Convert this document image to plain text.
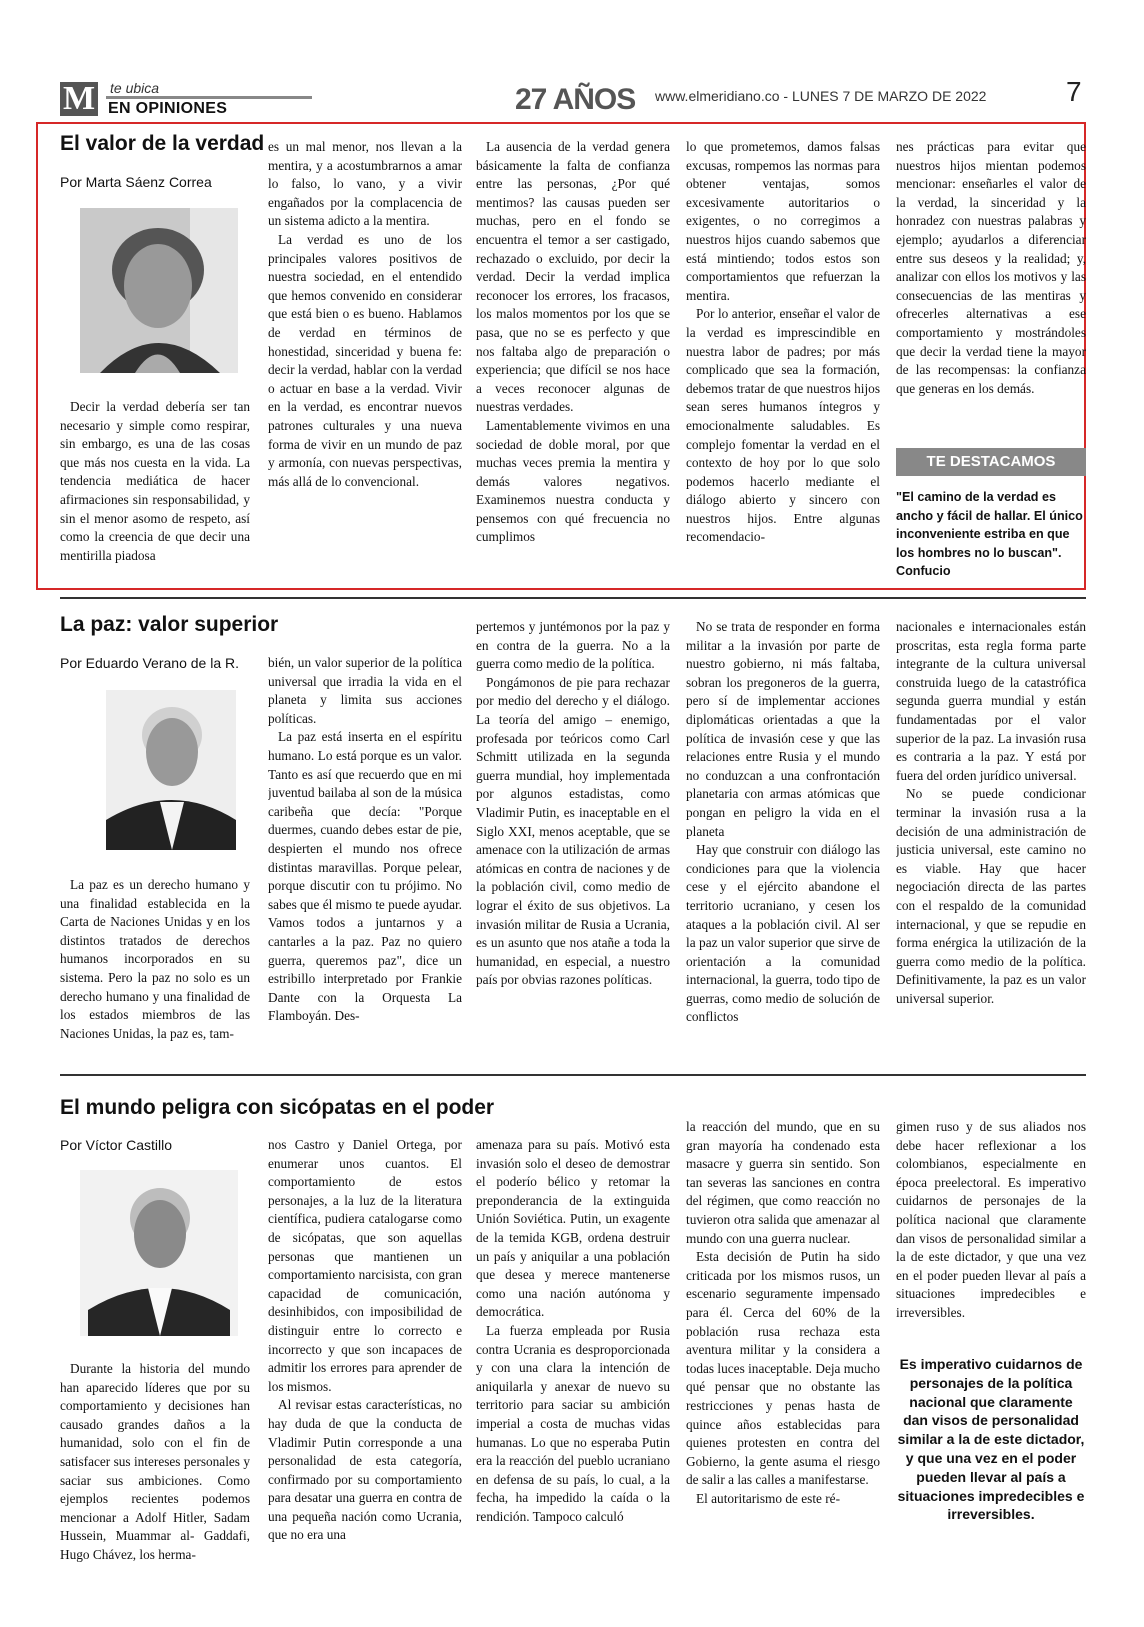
M te ubica
EN OPINIONES	27 AÑOS www.elmeridiano.co - LUNES 7 DE MARZO DE 2022	7
El valor de la verdad
Por Marta Sáenz Correa

Decir la verdad debería ser tan necesario y simple como respirar, sin embargo, es una de las cosas que más nos cuesta en la vida. La tendencia mediática de hacer afirmaciones sin responsabilidad, y sin el menor asomo de respeto, así como la creencia de que decir una mentirilla piadosa

es un mal menor, nos llevan a la mentira, y a acostumbrarnos a amar lo falso, lo vano, y a vivir engañados por la complacencia de un sistema adicto a la mentira.

La verdad es uno de los principales valores positivos de nuestra sociedad, en el entendido que hemos convenido en considerar que está bien o es bueno. Hablamos de verdad en términos de honestidad, sinceridad y buena fe: decir la verdad, hablar con la verdad o actuar en base a la verdad. Vivir en la verdad, es encontrar nuevos patrones culturales y una nueva forma de vivir en un mundo de paz y armonía, con nuevas perspectivas, más allá de lo convencional.

La ausencia de la verdad genera básicamente la falta de confianza entre las personas, ¿Por qué mentimos? las causas pueden ser muchas, pero en el fondo se encuentra el temor a ser castigado, rechazado o excluido, por decir la verdad. Decir la verdad implica reconocer los errores, los fracasos, los malos momentos por los que se pasa, que no se es perfecto y que nos faltaba algo de preparación o experiencia; que difícil se nos hace a veces reconocer algunas de nuestras verdades.

Lamentablemente vivimos en una sociedad de doble moral, por que muchas veces premia la mentira y demás valores negativos. Examinemos nuestra conducta y pensemos con qué frecuencia no cumplimos

lo que prometemos, damos falsas excusas, rompemos las normas para obtener ventajas, somos excesivamente autoritarios o exigentes, o no corregimos a nuestros hijos cuando sabemos que está mintiendo; todos estos son comportamientos que refuerzan la mentira.

Por lo anterior, enseñar el valor de la verdad es imprescindible en nuestra labor de padres; por más complicado que sea la formación, debemos tratar de que nuestros hijos sean seres humanos íntegros y emocionalmente saludables. Es complejo fomentar la verdad en el contexto de hoy por lo que solo podemos hacerlo mediante el diálogo abierto y sincero con nuestros hijos. Entre algunas recomendacio-

nes prácticas para evitar que nuestros hijos mientan podemos mencionar: enseñarles el valor de la verdad, la sinceridad y la honradez con nuestras palabras y ejemplo; ayudarlos a diferenciar entre sus deseos y la realidad; y, analizar con ellos los motivos y las consecuencias de las mentiras y ofrecerles alternativas a ese comportamiento y mostrándoles que decir la verdad tiene la mayor de las recompensas: la confianza que generas en los demás.

TE DESTACAMOS
"El camino de la verdad es ancho y fácil de hallar. El único inconveniente estriba en que los hombres no lo buscan". Confucio
La paz: valor superior
Por Eduardo Verano de la R.

La paz es un derecho humano y una finalidad establecida en la Carta de Naciones Unidas y en los distintos tratados de derechos humanos incorporados en su sistema. Pero la paz no solo es un derecho humano y una finalidad de los estados miembros de las Naciones Unidas, la paz es, tam-

bién, un valor superior de la política universal que irradia la vida en el planeta y limita sus acciones políticas.

La paz está inserta en el espíritu humano. Lo está porque es un valor. Tanto es así que recuerdo que en mi juventud bailaba al son de la música caribeña que decía: "Porque duermes, cuando debes estar de pie, despierten el mundo nos ofrece distintas maravillas. Porque pelear, porque discutir con tu prójimo. No sabes que él mismo te puede ayudar. Vamos todos a juntarnos y a cantarles a la paz. Paz no quiero guerra, queremos paz", dice un estribillo interpretado por Frankie Dante con la Orquesta La Flamboyán. Des-

pertemos y juntémonos por la paz y en contra de la guerra. No a la guerra como medio de la política.

Pongámonos de pie para rechazar por medio del derecho y el diálogo. La teoría del amigo – enemigo, profesada por teóricos como Carl Schmitt utilizada en la segunda guerra mundial, hoy implementada por algunos estadistas, como Vladimir Putin, es inaceptable en el Siglo XXI, menos aceptable, que se amenace con la utilización de armas atómicas en contra de naciones y de la población civil, como medio de lograr el éxito de sus objetivos. La invasión militar de Rusia a Ucrania, es un asunto que nos atañe a toda la humanidad, en especial, a nuestro país por obvias razones políticas.

No se trata de responder en forma militar a la invasión por parte de nuestro gobierno, ni más faltaba, sobran los pregoneros de la guerra, pero sí de implementar acciones diplomáticas orientadas a que la política de invasión cese y que las relaciones entre Rusia y el mundo no conduzcan a una confrontación planetaria con armas atómicas que pongan en peligro la vida en el planeta

Hay que construir con diálogo las condiciones para que la violencia cese y el ejército abandone el territorio ucraniano, y cesen los ataques a la población civil. Al ser la paz un valor superior que sirve de orientación a la comunidad internacional, la guerra, todo tipo de guerras, como medio de solución de conflictos

nacionales e internacionales están proscritas, esta regla forma parte integrante de la cultura universal construida luego de la catastrófica segunda guerra mundial y están fundamentadas por el valor superior de la paz. La invasión rusa es contraria a la paz. Y está por fuera del orden jurídico universal.

No se puede condicionar terminar la invasión rusa a la decisión de una administración de justicia universal, este camino no es viable. Hay que hacer negociación directa de las partes con el respaldo de la comunidad internacional, y que se repudie en forma enérgica la utilización de la guerra como medio de la política. Definitivamente, la paz es un valor universal superior.

El mundo peligra con sicópatas en el poder
Por Víctor Castillo

Durante la historia del mundo han aparecido líderes que por su comportamiento y decisiones han causado grandes daños a la humanidad, solo con el fin de satisfacer sus intereses personales y saciar sus ambiciones. Como ejemplos recientes podemos mencionar a Adolf Hitler, Sadam Hussein, Muammar al- Gaddafi, Hugo Chávez, los herma-

nos Castro y Daniel Ortega, por enumerar unos cuantos. El comportamiento de estos personajes, a la luz de la literatura científica, pudiera catalogarse como de sicópatas, que son aquellas personas que mantienen un comportamiento narcisista, con gran capacidad de comunicación, desinhibidos, con imposibilidad de distinguir entre lo correcto e incorrecto y que son incapaces de admitir los errores para aprender de los mismos.

Al revisar estas características, no hay duda de que la conducta de Vladimir Putin corresponde a una personalidad de esta categoría, confirmado por su comportamiento para desatar una guerra en contra de una pequeña nación como Ucrania, que no era una

amenaza para su país. Motivó esta invasión solo el deseo de demostrar el poderío bélico y retomar la preponderancia de la extinguida Unión Soviética. Putin, un exagente de la temida KGB, ordena destruir un país y aniquilar a una población que desea y merece mantenerse como una nación autónoma y democrática.

La fuerza empleada por Rusia contra Ucrania es desproporcionada y con una clara la intención de aniquilarla y anexar de nuevo su territorio para saciar su ambición imperial a costa de muchas vidas humanas. Lo que no esperaba Putin era la reacción del pueblo ucraniano en defensa de su país, lo cual, a la fecha, ha impedido la caída o la rendición. Tampoco calculó

la reacción del mundo, que en su gran mayoría ha condenado esta masacre y guerra sin sentido. Son tan severas las sanciones en contra del régimen, que como reacción no tuvieron otra salida que amenazar al mundo con una guerra nuclear.

Esta decisión de Putin ha sido criticada por los mismos rusos, un escenario seguramente impensado para él. Cerca del 60% de la población rusa rechaza esta aventura militar y la considera a todas luces inaceptable. Deja mucho qué pensar que no obstante las restricciones y penas hasta de quince años establecidas para quienes protesten en contra del Gobierno, la gente asuma el riesgo de salir a las calles a manifestarse.

El autoritarismo de este ré-

gimen ruso y de sus aliados nos debe hacer reflexionar a los colombianos, especialmente en época preelectoral. Es imperativo cuidarnos de personajes de la política nacional que claramente dan visos de personalidad similar a la de este dictador, y que una vez en el poder pueden llevar al país a situaciones impredecibles e irreversibles.

Es imperativo cuidarnos de personajes de la política nacional que claramente dan visos de personalidad similar a la de este dictador, y que una vez en el poder pueden llevar al país a situaciones impredecibles e irreversibles.
